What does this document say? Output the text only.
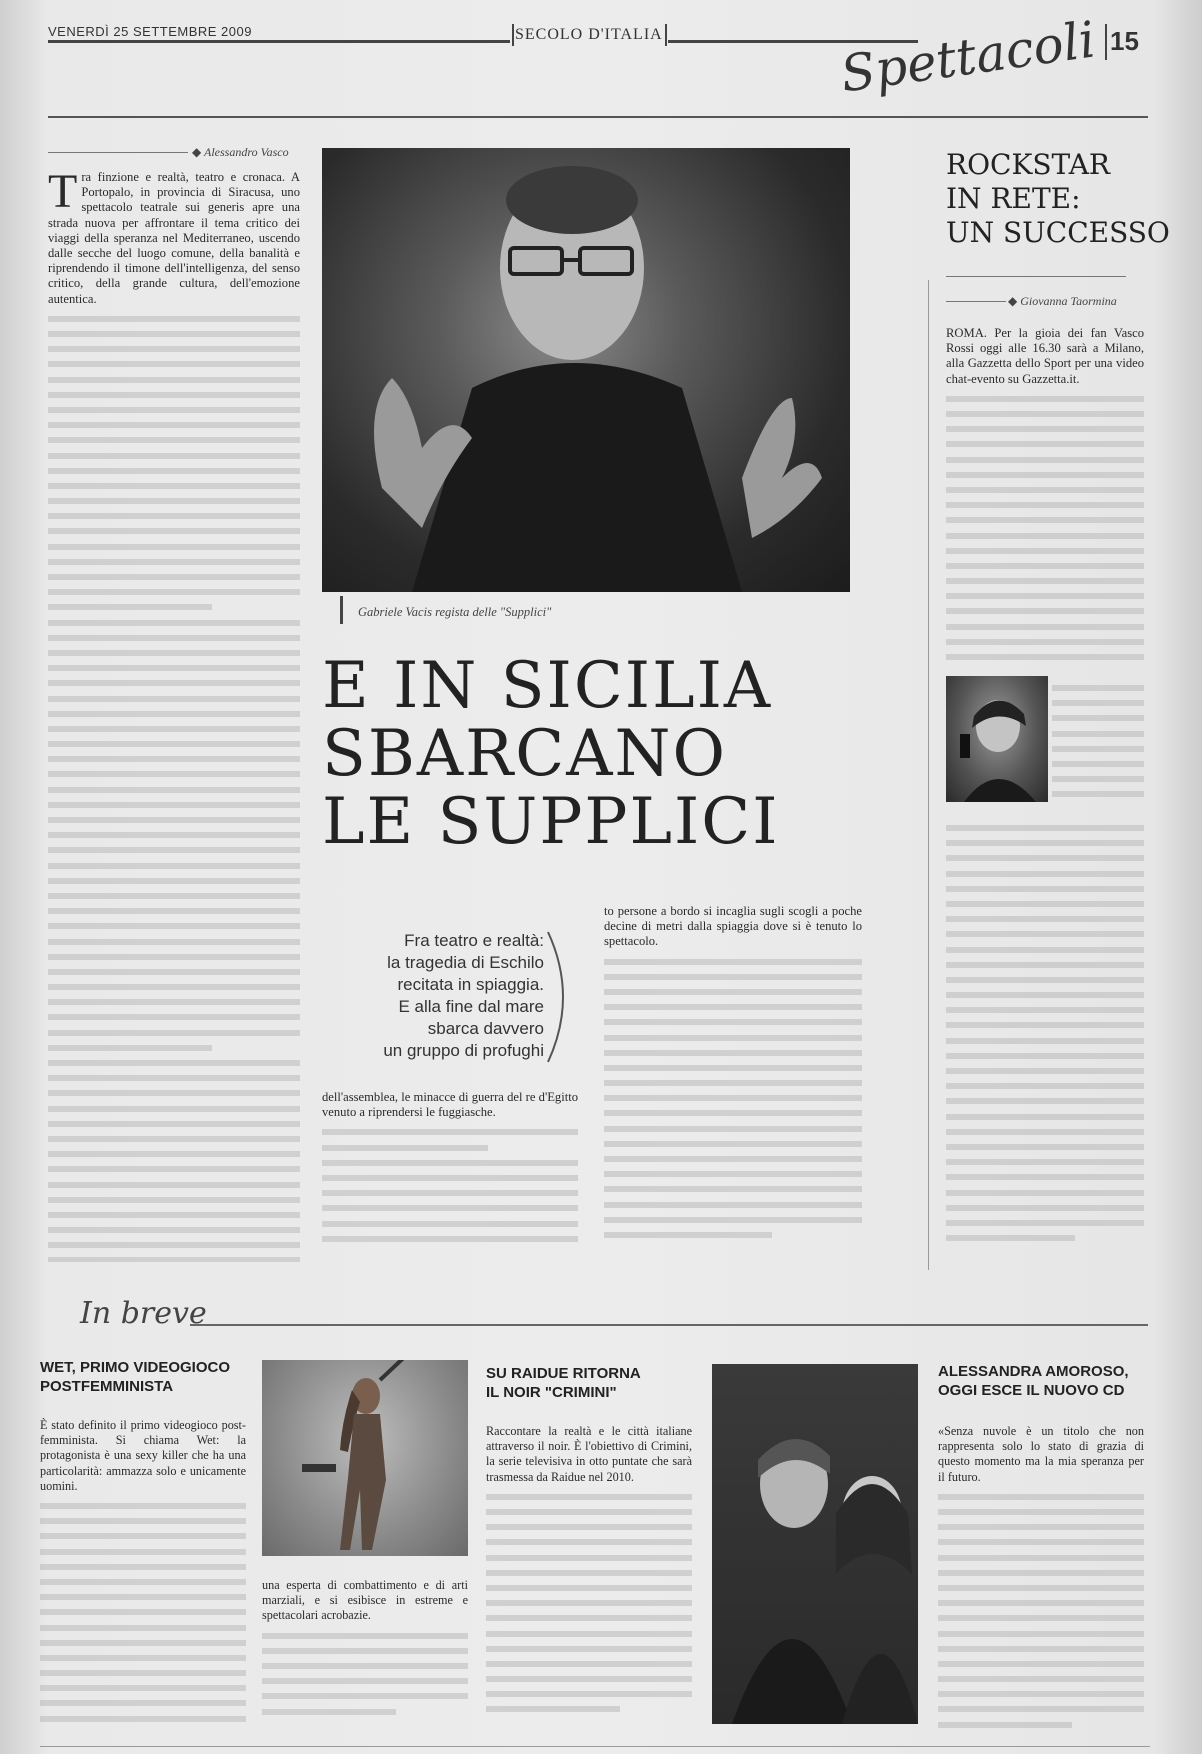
VENERDÌ 25 SETTEMBRE 2009	SECOLO D'ITALIA	Spettacoli 15
◆ Alessandro Vasco
T ra finzione e realtà, teatro e cronaca. A Portopalo, in provincia di Siracusa, uno spettacolo teatrale sui generis apre una strada nuova per affrontare il tema critico dei viaggi della speranza nel Mediterraneo, uscendo dalle secche del luogo comune, della banalità e riprendendo il timone dell'intelligenza, del senso critico, della grande cultura, dell'emozione autentica.
Gabriele Vacis regista delle "Supplici"
E IN SICILIA
SBARCANO
LE SUPPLICI
Fra teatro e realtà:
la tragedia di Eschilo
recitata in spiaggia.
E alla fine dal mare
sbarca davvero
un gruppo di profughi
dell'assemblea, le minacce di guerra del re d'Egitto venuto a riprendersi le fuggiasche.
to persone a bordo si incaglia sugli scogli a poche decine di metri dalla spiaggia dove si è tenuto lo spettacolo.
ROCKSTAR
IN RETE:
UN SUCCESSO
◆ Giovanna Taormina
ROMA. Per la gioia dei fan Vasco Rossi oggi alle 16.30 sarà a Milano, alla Gazzetta dello Sport per una video chat-evento su Gazzetta.it.
In breve
WET, PRIMO VIDEOGIOCO
POSTFEMMINISTA
È stato definito il primo videogioco post-femminista. Si chiama Wet: la protagonista è una sexy killer che ha una particolarità: ammazza solo e unicamente uomini.
una esperta di combattimento e di arti marziali, e si esibisce in estreme e spettacolari acrobazie.
SU RAIDUE RITORNA
IL NOIR "CRIMINI"
Raccontare la realtà e le città italiane attraverso il noir. È l'obiettivo di Crimini, la serie televisiva in otto puntate che sarà trasmessa da Raidue nel 2010.
ALESSANDRA AMOROSO,
OGGI ESCE IL NUOVO CD
«Senza nuvole è un titolo che non rappresenta solo lo stato di grazia di questo momento ma la mia speranza per il futuro.
